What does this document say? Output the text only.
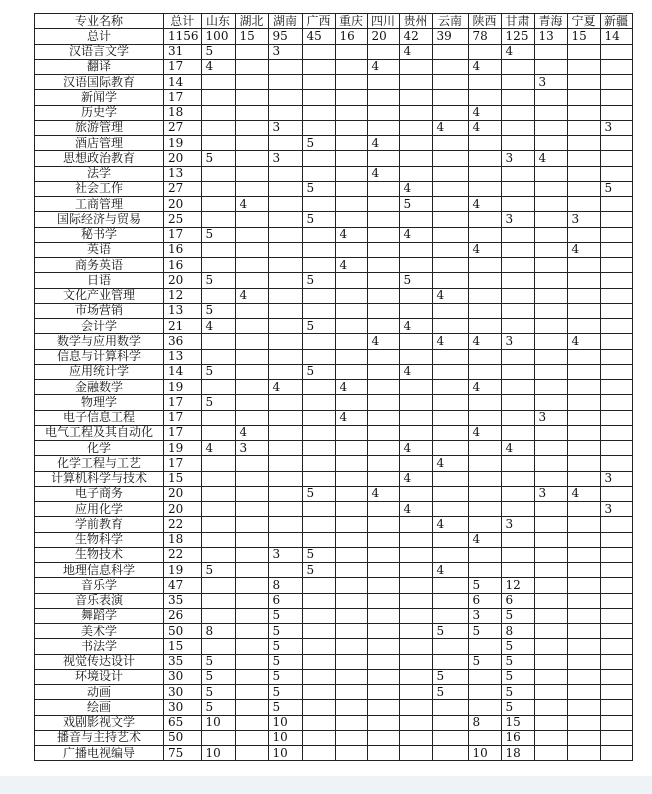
专业名称	总计	山东	湖北	湖南	广西	重庆	四川	贵州	云南	陕西	甘肃	青海	宁夏	新疆
总计	1156	100	15	95	45	16	20	42	39	78	125	13	15	14
汉语言文学	31	5		3				4			4			
翻译	17	4					4			4				
汉语国际教育	14											3		
新闻学	17													
历史学	18									4				
旅游管理	27			3					4	4				3
酒店管理	19				5		4							
思想政治教育	20	5		3							3	4		
法学	13						4							
社会工作	27				5			4						5
工商管理	20		4					5		4				
国际经济与贸易	25				5						3		3	
秘书学	17	5				4		4						
英语	16									4			4	
商务英语	16					4								
日语	20	5			5			5						
文化产业管理	12		4						4					
市场营销	13	5												
会计学	21	4			5			4						
数学与应用数学	36						4		4	4	3		4	
信息与计算科学	13													
应用统计学	14	5			5			4						
金融数学	19			4		4				4				
物理学	17	5												
电子信息工程	17					4						3		
电气工程及其自动化	17		4							4				
化学	19	4	3					4			4			
化学工程与工艺	17								4					
计算机科学与技术	15							4						3
电子商务	20				5		4					3	4	
应用化学	20							4						3
学前教育	22								4		3			
生物科学	18									4				
生物技术	22			3	5									
地理信息科学	19	5			5				4					
音乐学	47			8						5	12			
音乐表演	35			6						6	6			
舞蹈学	26			5						3	5			
美术学	50	8		5					5	5	8			
书法学	15			5							5			
视觉传达设计	35	5		5						5	5			
环境设计	30	5		5					5		5			
动画	30	5		5					5		5			
绘画	30	5		5							5			
戏剧影视文学	65	10		10						8	15			
播音与主持艺术	50			10							16			
广播电视编导	75	10		10						10	18			
